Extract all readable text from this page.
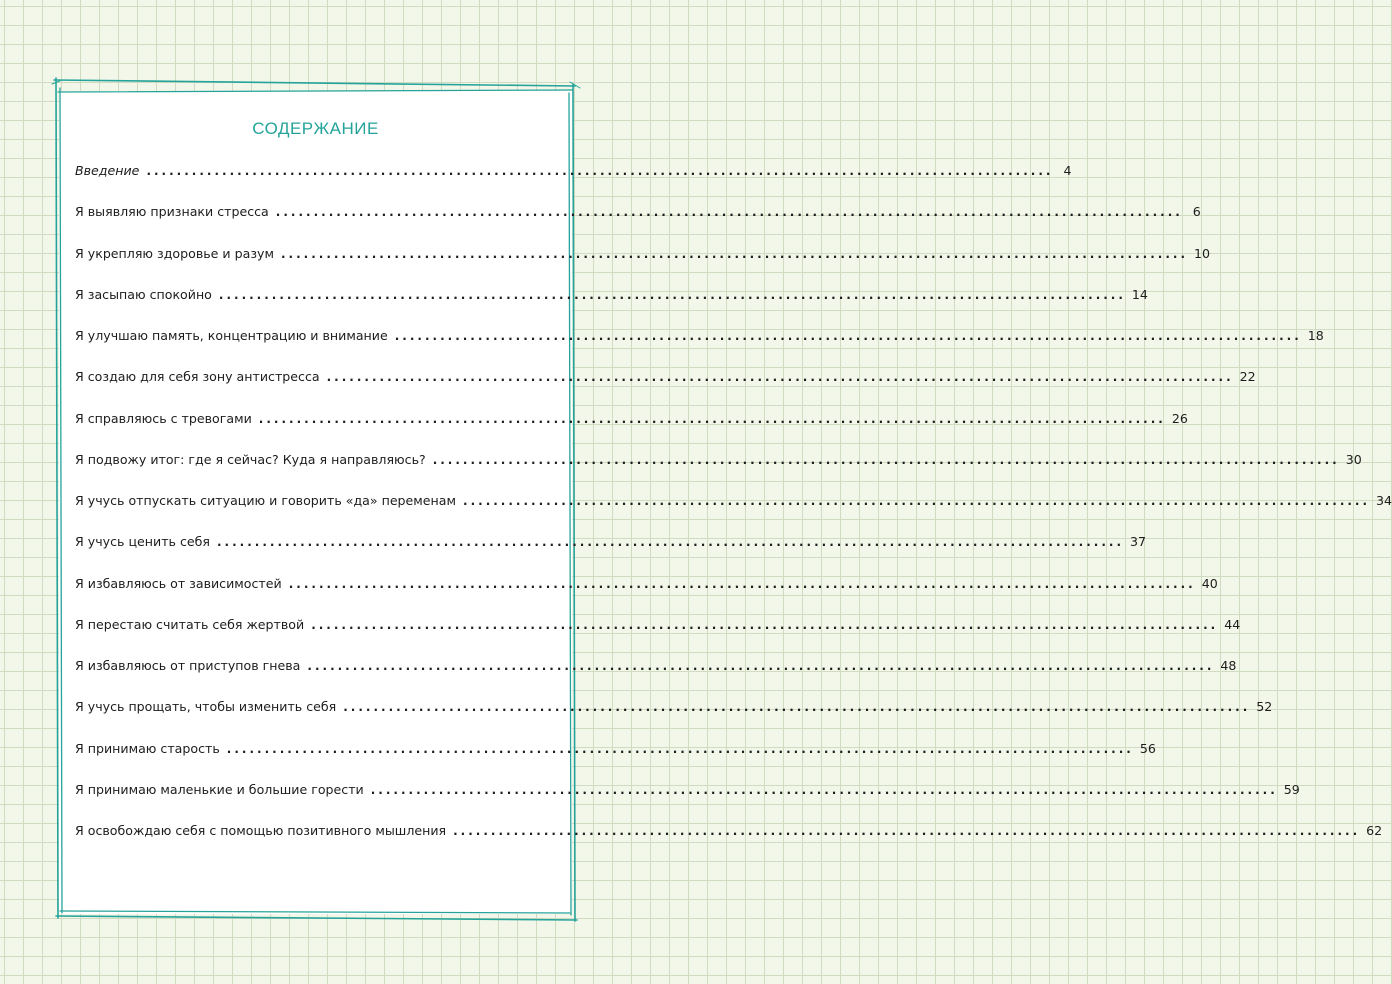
СОДЕРЖАНИЕ
Введение ........................................................................................................................ 4
Я выявляю признаки стресса ........................................................................................................................ 6
Я укрепляю здоровье и разум ........................................................................................................................ 10
Я засыпаю спокойно ........................................................................................................................ 14
Я улучшаю память, концентрацию и внимание ........................................................................................................................ 18
Я создаю для себя зону антистресса ........................................................................................................................ 22
Я справляюсь с тревогами ........................................................................................................................ 26
Я подвожу итог: где я сейчас? Куда я направляюсь? ........................................................................................................................ 30
Я учусь отпускать ситуацию и говорить «да» переменам ........................................................................................................................ 34
Я учусь ценить себя ........................................................................................................................ 37
Я избавляюсь от зависимостей ........................................................................................................................ 40
Я перестаю считать себя жертвой ........................................................................................................................ 44
Я избавляюсь от приступов гнева ........................................................................................................................ 48
Я учусь прощать, чтобы изменить себя ........................................................................................................................ 52
Я принимаю старость ........................................................................................................................ 56
Я принимаю маленькие и большие горести ........................................................................................................................ 59
Я освобождаю себя с помощью позитивного мышления ........................................................................................................................ 62
